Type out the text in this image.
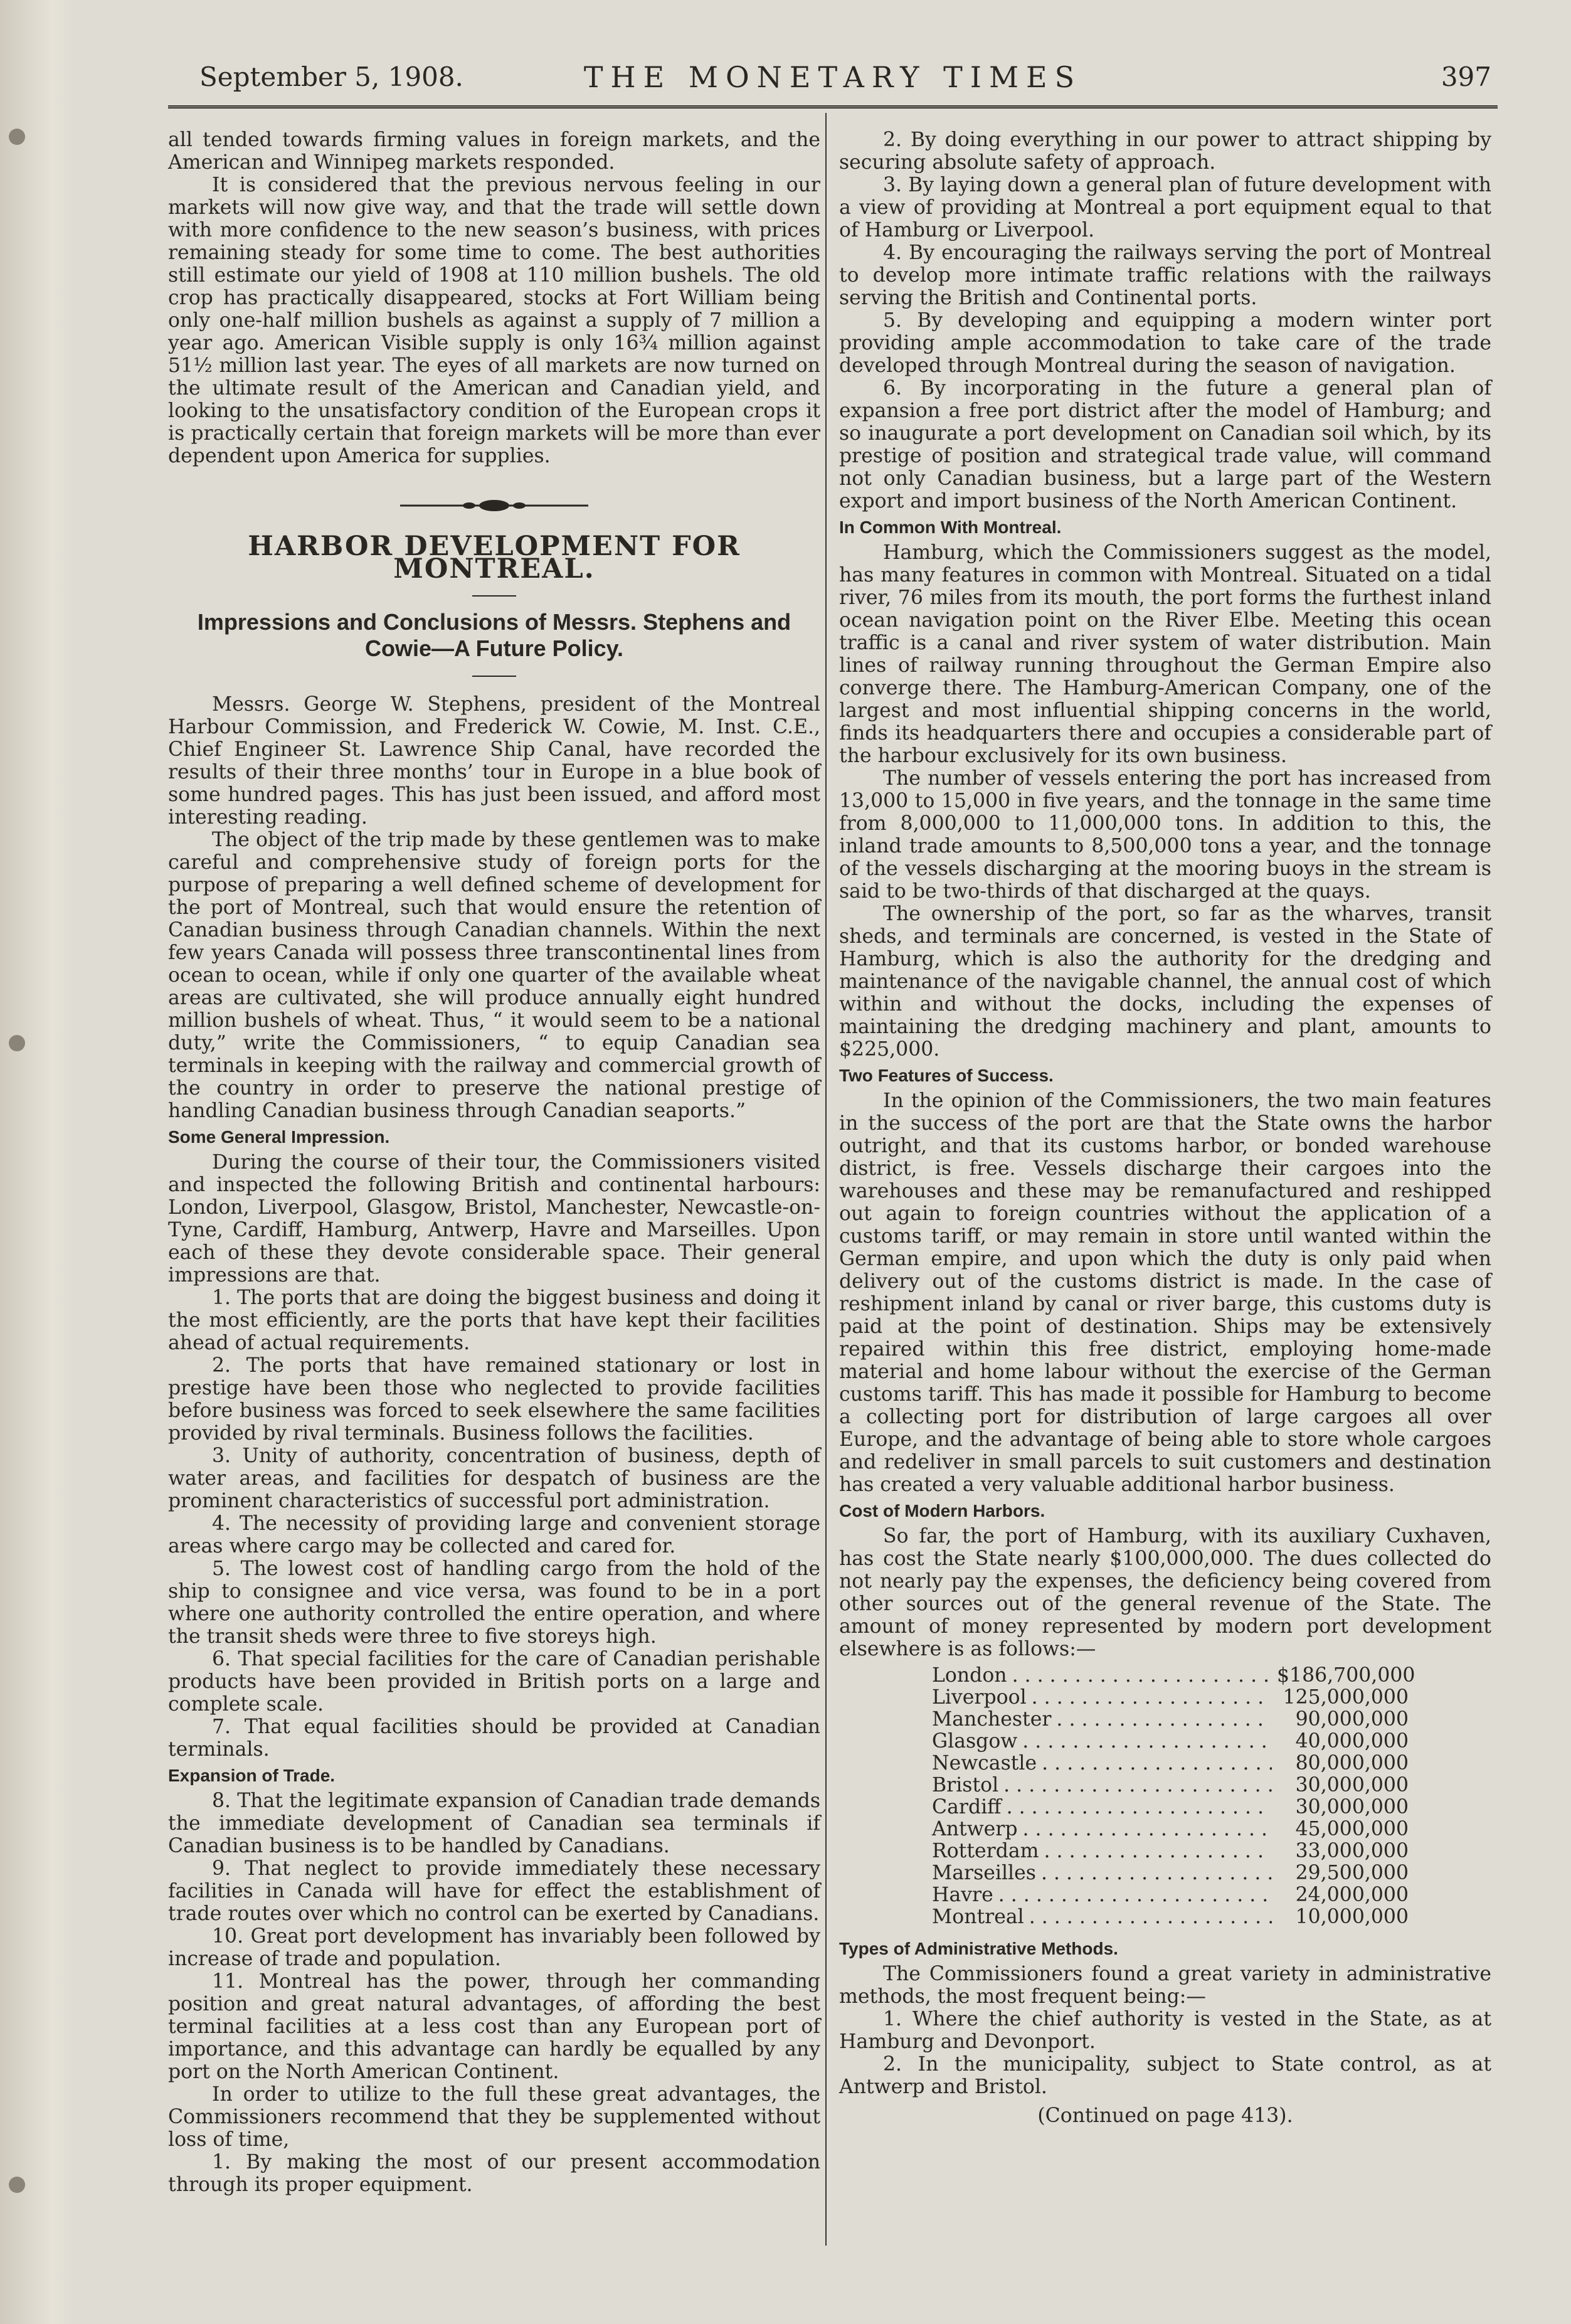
THE MONETARY TIMES
September 5, 1908.	397

all tended towards firming values in foreign markets, and the American and Winnipeg markets responded.

It is considered that the previous nervous feeling in our markets will now give way, and that the trade will settle down with more confidence to the new season’s business, with prices remaining steady for some time to come. The best authorities still estimate our yield of 1908 at 110 million bushels. The old crop has practically disappeared, stocks at Fort William being only one-half million bushels as against a supply of 7 million a year ago. American Visible supply is only 16¾ million against 51½ million last year. The eyes of all markets are now turned on the ultimate result of the American and Canadian yield, and looking to the unsatisfactory condition of the European crops it is practically certain that foreign markets will be more than ever dependent upon America for supplies.

HARBOR DEVELOPMENT FOR MONTREAL.
Impressions and Conclusions of Messrs. Stephens and Cowie—A Future Policy.

Messrs. George W. Stephens, president of the Montreal Harbour Commission, and Frederick W. Cowie, M. Inst. C.E., Chief Engineer St. Lawrence Ship Canal, have recorded the results of their three months’ tour in Europe in a blue book of some hundred pages. This has just been issued, and afford most interesting reading.

The object of the trip made by these gentlemen was to make careful and comprehensive study of foreign ports for the purpose of preparing a well defined scheme of development for the port of Montreal, such that would ensure the retention of Canadian business through Canadian channels. Within the next few years Canada will possess three transcontinental lines from ocean to ocean, while if only one quarter of the available wheat areas are cultivated, she will produce annually eight hundred million bushels of wheat. Thus, “ it would seem to be a national duty,” write the Commissioners, “ to equip Canadian sea terminals in keeping with the railway and commercial growth of the country in order to preserve the national prestige of handling Canadian business through Canadian seaports.”

Some General Impression.

During the course of their tour, the Commissioners visited and inspected the following British and continental harbours: London, Liverpool, Glasgow, Bristol, Manchester, Newcastle-on-Tyne, Cardiff, Hamburg, Antwerp, Havre and Marseilles. Upon each of these they devote considerable space. Their general impressions are that.

1. The ports that are doing the biggest business and doing it the most efficiently, are the ports that have kept their facilities ahead of actual requirements.

2. The ports that have remained stationary or lost in prestige have been those who neglected to provide facilities before business was forced to seek elsewhere the same facilities provided by rival terminals. Business follows the facilities.

3. Unity of authority, concentration of business, depth of water areas, and facilities for despatch of business are the prominent characteristics of successful port administration.

4. The necessity of providing large and convenient storage areas where cargo may be collected and cared for.

5. The lowest cost of handling cargo from the hold of the ship to consignee and vice versa, was found to be in a port where one authority controlled the entire operation, and where the transit sheds were three to five storeys high.

6. That special facilities for the care of Canadian perishable products have been provided in British ports on a large and complete scale.

7. That equal facilities should be provided at Canadian terminals.

Expansion of Trade.

8. That the legitimate expansion of Canadian trade demands the immediate development of Canadian sea terminals if Canadian business is to be handled by Canadians.

9. That neglect to provide immediately these necessary facilities in Canada will have for effect the establishment of trade routes over which no control can be exerted by Canadians.

10. Great port development has invariably been followed by increase of trade and population.

11. Montreal has the power, through her commanding position and great natural advantages, of affording the best terminal facilities at a less cost than any European port of importance, and this advantage can hardly be equalled by any port on the North American Continent.

In order to utilize to the full these great advantages, the Commissioners recommend that they be supplemented without loss of time,

1. By making the most of our present accommodation through its proper equipment.

2. By doing everything in our power to attract shipping by securing absolute safety of approach.

3. By laying down a general plan of future development with a view of providing at Montreal a port equipment equal to that of Hamburg or Liverpool.

4. By encouraging the railways serving the port of Montreal to develop more intimate traffic relations with the railways serving the British and Continental ports.

5. By developing and equipping a modern winter port providing ample accommodation to take care of the trade developed through Montreal during the season of navigation.

6. By incorporating in the future a general plan of expansion a free port district after the model of Hamburg; and so inaugurate a port development on Canadian soil which, by its prestige of position and strategical trade value, will command not only Canadian business, but a large part of the Western export and import business of the North American Continent.

In Common With Montreal.

Hamburg, which the Commissioners suggest as the model, has many features in common with Montreal. Situated on a tidal river, 76 miles from its mouth, the port forms the furthest inland ocean navigation point on the River Elbe. Meeting this ocean traffic is a canal and river system of water distribution. Main lines of railway running throughout the German Empire also converge there. The Hamburg-American Company, one of the largest and most influential shipping concerns in the world, finds its headquarters there and occupies a considerable part of the harbour exclusively for its own business.

The number of vessels entering the port has increased from 13,000 to 15,000 in five years, and the tonnage in the same time from 8,000,000 to 11,000,000 tons. In addition to this, the inland trade amounts to 8,500,000 tons a year, and the tonnage of the vessels discharging at the mooring buoys in the stream is said to be two-thirds of that discharged at the quays.

The ownership of the port, so far as the wharves, transit sheds, and terminals are concerned, is vested in the State of Hamburg, which is also the authority for the dredging and maintenance of the navigable channel, the annual cost of which within and without the docks, including the expenses of maintaining the dredging machinery and plant, amounts to $225,000.

Two Features of Success.

In the opinion of the Commissioners, the two main features in the success of the port are that the State owns the harbor outright, and that its customs harbor, or bonded warehouse district, is free. Vessels discharge their cargoes into the warehouses and these may be remanufactured and reshipped out again to foreign countries without the application of a customs tariff, or may remain in store until wanted within the German empire, and upon which the duty is only paid when delivery out of the customs district is made. In the case of reshipment inland by canal or river barge, this customs duty is paid at the point of destination. Ships may be extensively repaired within this free district, employing home-made material and home labour without the exercise of the German customs tariff. This has made it possible for Hamburg to become a collecting port for distribution of large cargoes all over Europe, and the advantage of being able to store whole cargoes and redeliver in small parcels to suit customers and destination has created a very valuable additional harbor business.

Cost of Modern Harbors.

So far, the port of Hamburg, with its auxiliary Cuxhaven, has cost the State nearly $100,000,000. The dues collected do not nearly pay the expenses, the deficiency being covered from other sources out of the general revenue of the State. The amount of money represented by modern port development elsewhere is as follows:—

London . . .	$186,700,000
Liverpool . . .	125,000,000
Manchester . . .	90,000,000
Glasgow . . .	40,000,000
Newcastle . . .	80,000,000
Bristol . . .	30,000,000
Cardiff . . .	30,000,000
Antwerp . . .	45,000,000
Rotterdam . . .	33,000,000
Marseilles . . .	29,500,000
Havre . . .	24,000,000
Montreal . . .	10,000,000
Types of Administrative Methods.

The Commissioners found a great variety in administrative methods, the most frequent being:—

1. Where the chief authority is vested in the State, as at Hamburg and Devonport.

2. In the municipality, subject to State control, as at Antwerp and Bristol.

(Continued on page 413).
